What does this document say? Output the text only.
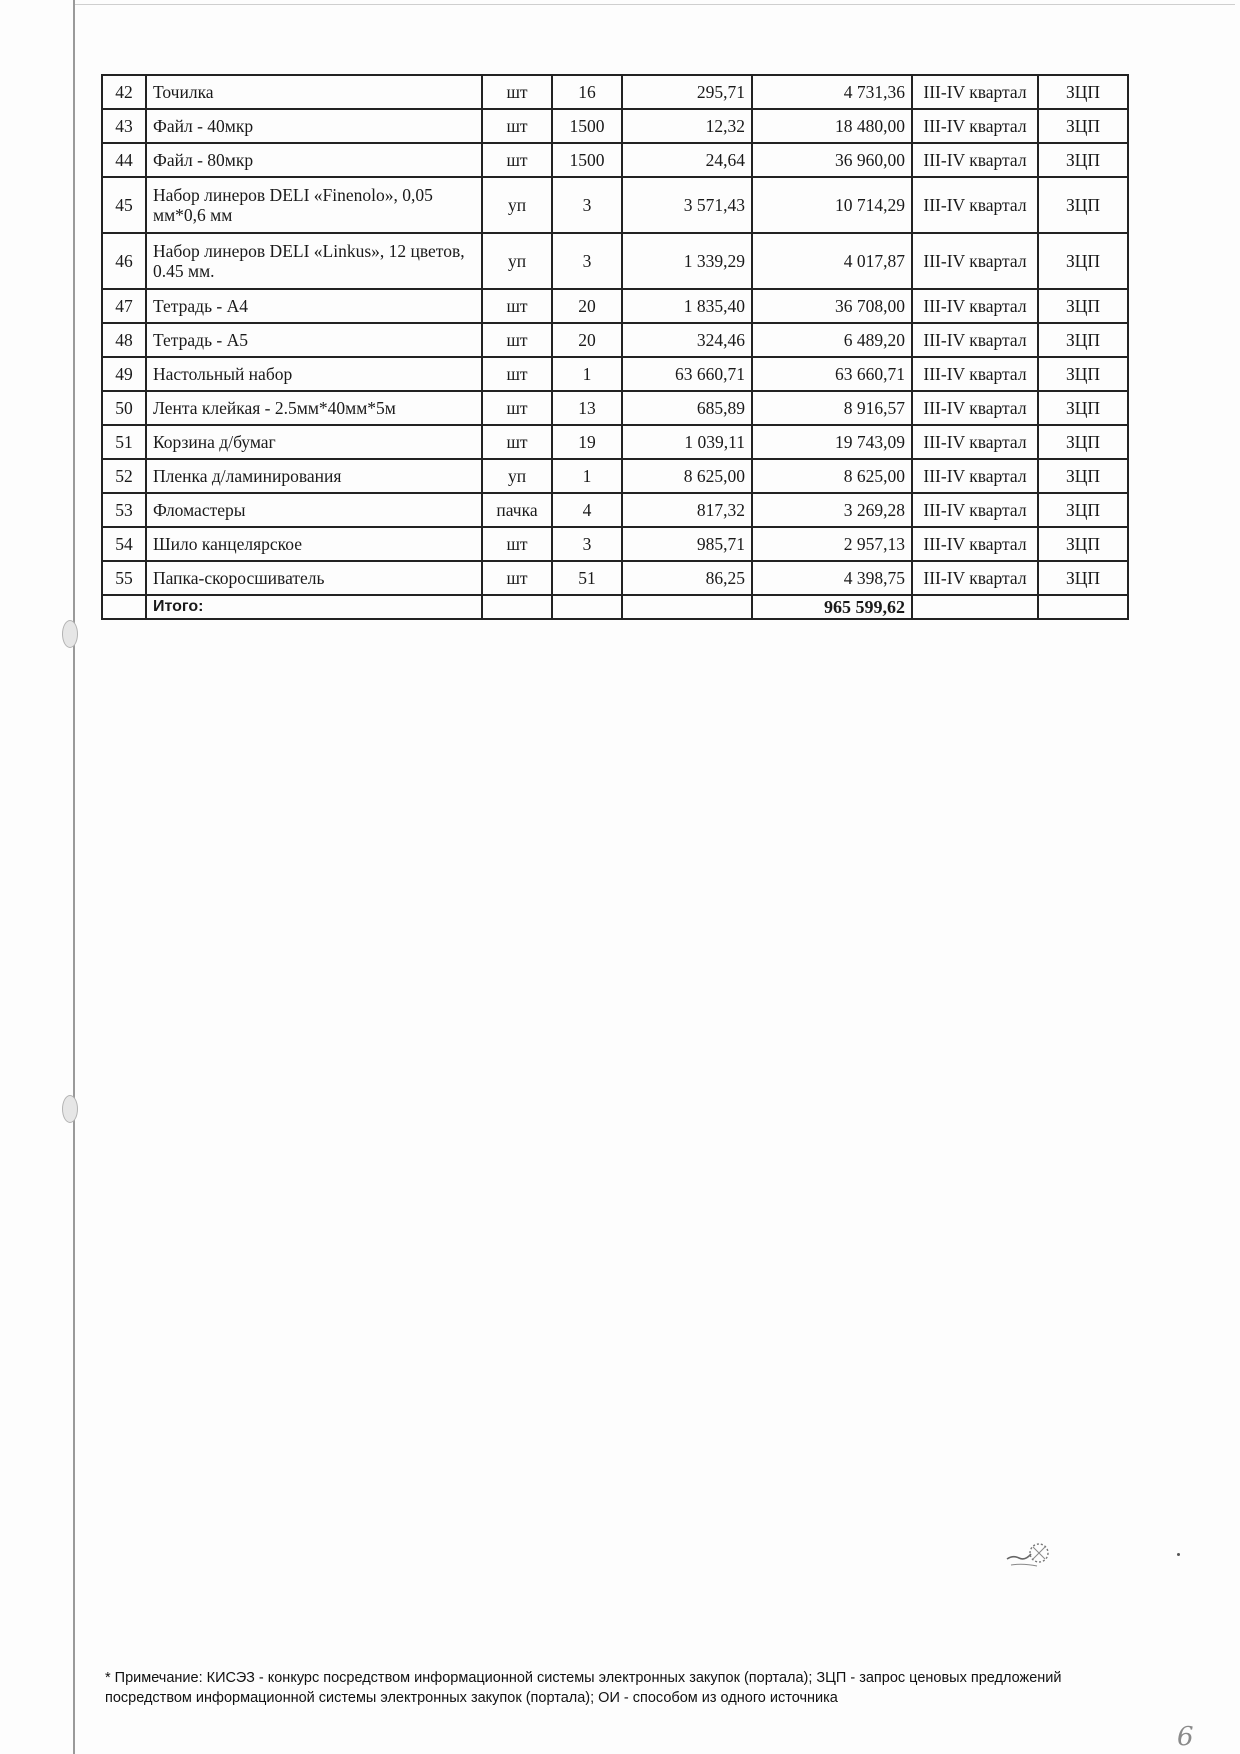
42	Точилка	шт	16	295,71	4 731,36	III-IV квартал	ЗЦП
43	Файл - 40мкр	шт	1500	12,32	18 480,00	III-IV квартал	ЗЦП
44	Файл - 80мкр	шт	1500	24,64	36 960,00	III-IV квартал	ЗЦП
45	Набор линеров DELI «Finenolo», 0,05 мм*0,6 мм	уп	3	3 571,43	10 714,29	III-IV квартал	ЗЦП
46	Набор линеров DELI «Linkus», 12 цветов, 0.45 мм.	уп	3	1 339,29	4 017,87	III-IV квартал	ЗЦП
47	Тетрадь - А4	шт	20	1 835,40	36 708,00	III-IV квартал	ЗЦП
48	Тетрадь - А5	шт	20	324,46	6 489,20	III-IV квартал	ЗЦП
49	Настольный набор	шт	1	63 660,71	63 660,71	III-IV квартал	ЗЦП
50	Лента клейкая - 2.5мм*40мм*5м	шт	13	685,89	8 916,57	III-IV квартал	ЗЦП
51	Корзина д/бумаг	шт	19	1 039,11	19 743,09	III-IV квартал	ЗЦП
52	Пленка д/ламинирования	уп	1	8 625,00	8 625,00	III-IV квартал	ЗЦП
53	Фломастеры	пачка	4	817,32	3 269,28	III-IV квартал	ЗЦП
54	Шило канцелярское	шт	3	985,71	2 957,13	III-IV квартал	ЗЦП
55	Папка-скоросшиватель	шт	51	86,25	4 398,75	III-IV квартал	ЗЦП
	Итого:				965 599,62		
* Примечание: КИСЭЗ - конкурс посредством информационной системы электронных закупок (портала); ЗЦП - запрос ценовых предложений посредством информационной системы электронных закупок (портала); ОИ - способом из одного источника
6
